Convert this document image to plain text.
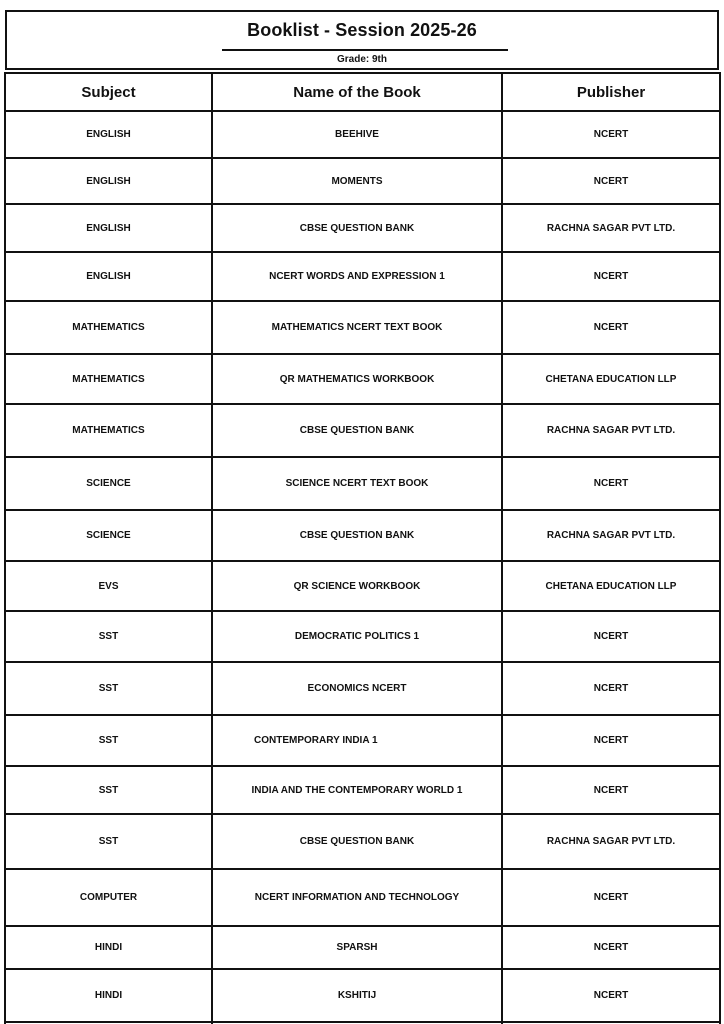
Booklist - Session 2025-26
Grade: 9th
Subject	Name of the Book	Publisher
ENGLISH	BEEHIVE	NCERT
ENGLISH	MOMENTS	NCERT
ENGLISH	CBSE QUESTION BANK	RACHNA SAGAR PVT LTD.
ENGLISH	NCERT WORDS AND EXPRESSION 1	NCERT
MATHEMATICS	MATHEMATICS NCERT TEXT BOOK	NCERT
MATHEMATICS	QR MATHEMATICS WORKBOOK	CHETANA EDUCATION LLP
MATHEMATICS	CBSE QUESTION BANK	RACHNA SAGAR PVT LTD.
SCIENCE	SCIENCE NCERT TEXT BOOK	NCERT
SCIENCE	CBSE QUESTION BANK	RACHNA SAGAR PVT LTD.
EVS	QR SCIENCE WORKBOOK	CHETANA EDUCATION LLP
SST	DEMOCRATIC POLITICS 1	NCERT
SST	ECONOMICS NCERT	NCERT
SST	CONTEMPORARY INDIA 1	NCERT
SST	INDIA AND THE CONTEMPORARY WORLD 1	NCERT
SST	CBSE QUESTION BANK	RACHNA SAGAR PVT LTD.
COMPUTER	NCERT INFORMATION AND TECHNOLOGY	NCERT
HINDI	SPARSH	NCERT
HINDI	KSHITIJ	NCERT
